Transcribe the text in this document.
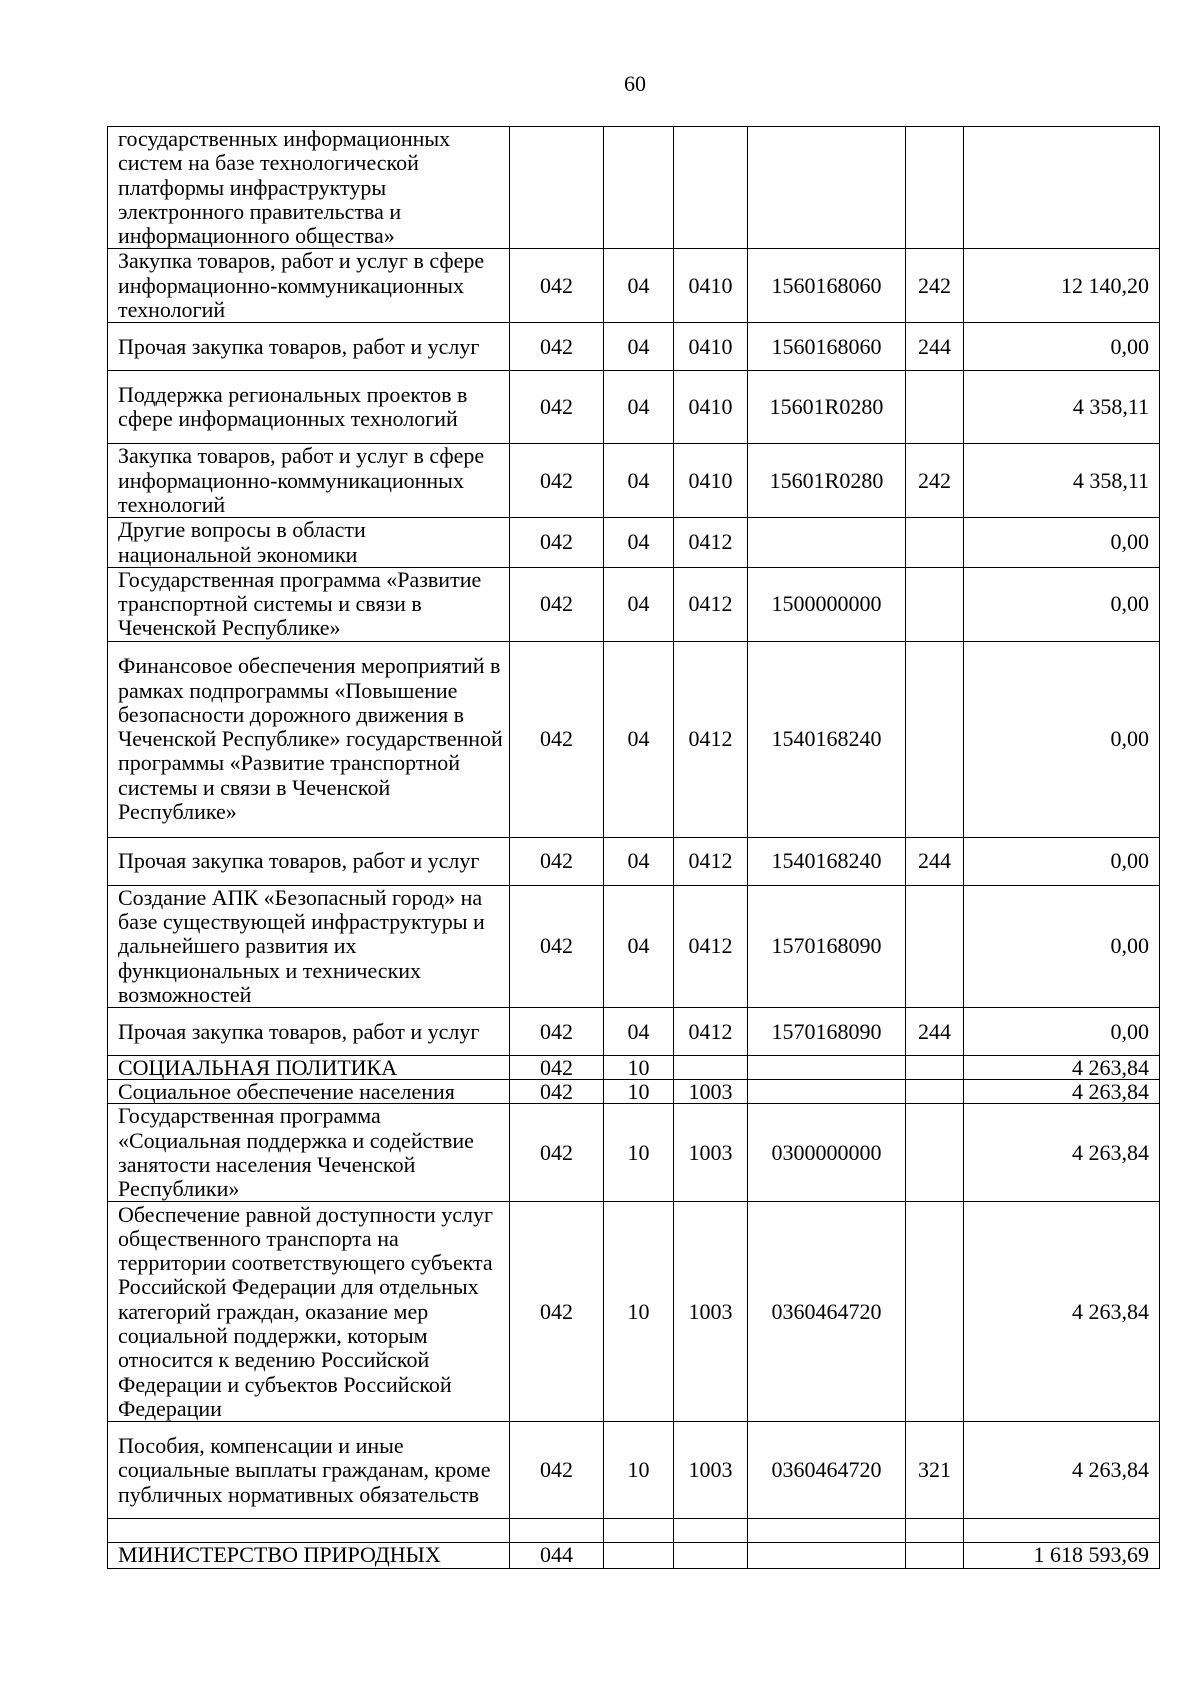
60
государственных информационных систем на базе технологической платформы инфраструктуры электронного правительства и информационного общества»						
Закупка товаров, работ и услуг в сфере информационно-коммуникационных технологий	042	04	0410	1560168060	242	12 140,20
Прочая закупка товаров, работ и услуг	042	04	0410	1560168060	244	0,00
Поддержка региональных проектов в сфере информационных технологий	042	04	0410	15601R0280		4 358,11
Закупка товаров, работ и услуг в сфере информационно-коммуникационных технологий	042	04	0410	15601R0280	242	4 358,11
Другие вопросы в области национальной экономики	042	04	0412			0,00
Государственная программа «Развитие транспортной системы и связи в Чеченской Республике»	042	04	0412	1500000000		0,00
Финансовое обеспечения мероприятий в рамках подпрограммы «Повышение безопасности дорожного движения в Чеченской Республике» государственной программы «Развитие транспортной системы и связи в Чеченской Республике»	042	04	0412	1540168240		0,00
Прочая закупка товаров, работ и услуг	042	04	0412	1540168240	244	0,00
Создание АПК «Безопасный город» на базе существующей инфраструктуры и дальнейшего развития их функциональных и технических возможностей	042	04	0412	1570168090		0,00
Прочая закупка товаров, работ и услуг	042	04	0412	1570168090	244	0,00
СОЦИАЛЬНАЯ ПОЛИТИКА	042	10				4 263,84
Социальное обеспечение населения	042	10	1003			4 263,84
Государственная программа «Социальная поддержка и содействие занятости населения Чеченской Республики»	042	10	1003	0300000000		4 263,84
Обеспечение равной доступности услуг общественного транспорта на территории соответствующего субъекта Российской Федерации для отдельных категорий граждан, оказание мер социальной поддержки, которым относится к ведению Российской Федерации и субъектов Российской Федерации	042	10	1003	0360464720		4 263,84
Пособия, компенсации и иные социальные выплаты гражданам, кроме публичных нормативных обязательств	042	10	1003	0360464720	321	4 263,84

МИНИСТЕРСТВО ПРИРОДНЫХ	044					1 618 593,69
